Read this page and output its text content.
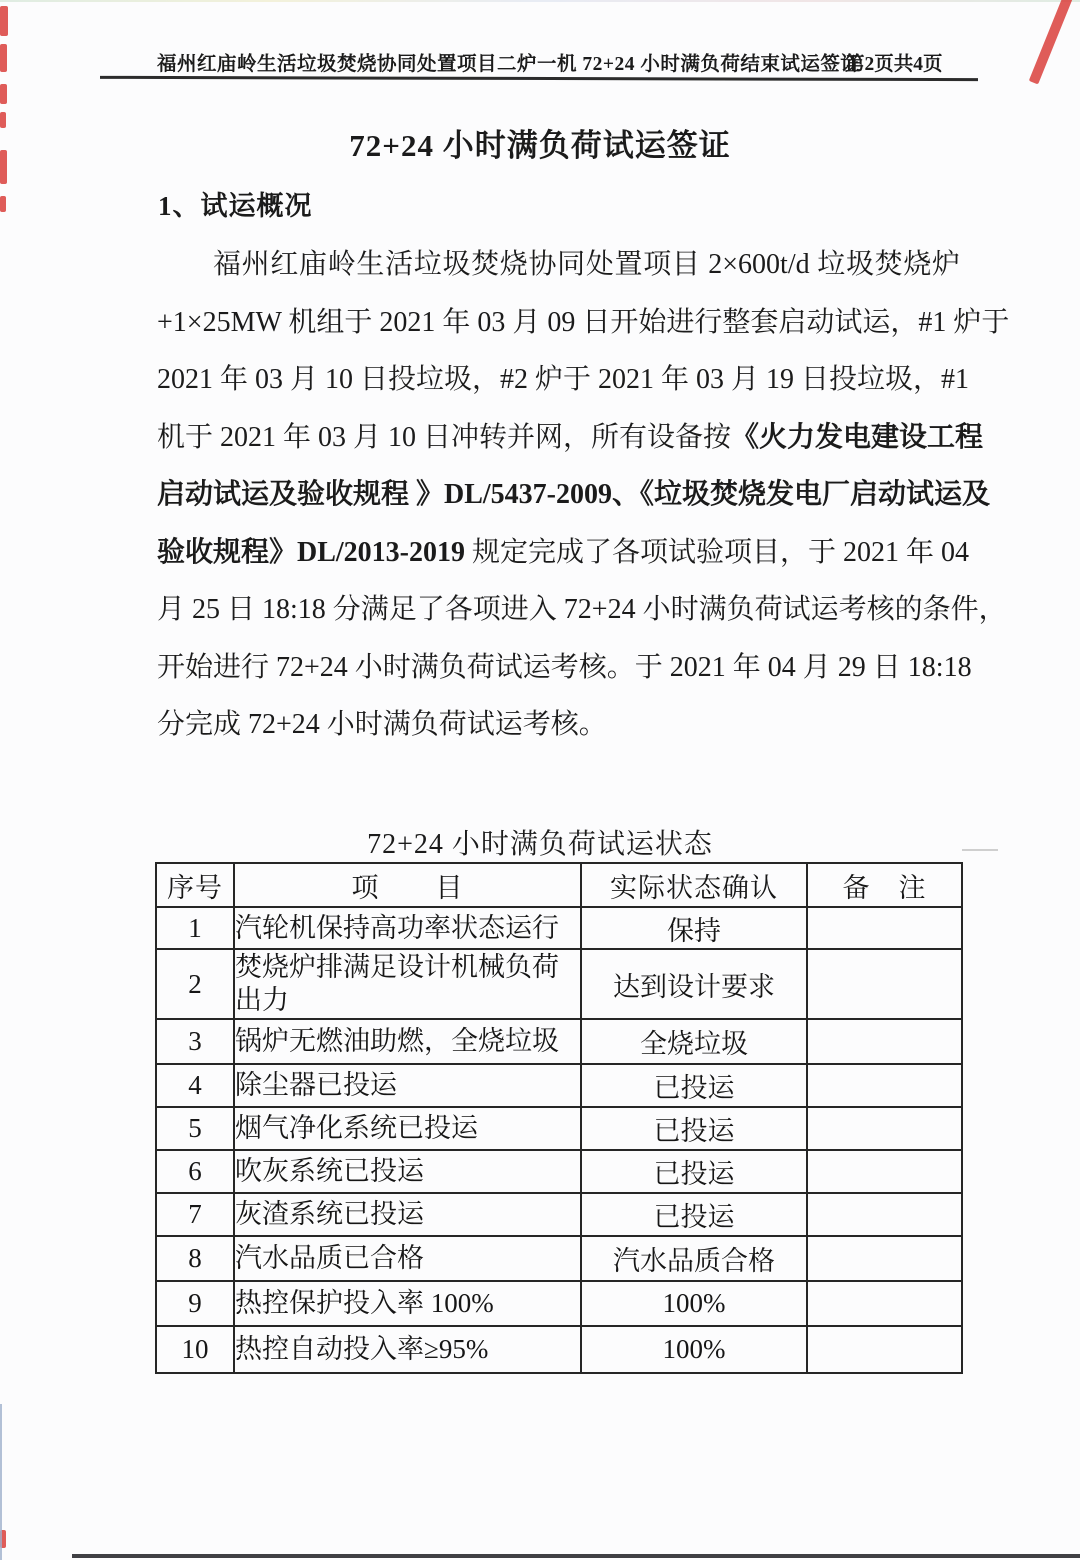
福州红庙岭生活垃圾焚烧协同处置项目二炉一机 72+24 小时满负荷结束试运签证
第2页共4页
72+24 小时满负荷试运签证
1、试运概况
福州红庙岭生活垃圾焚烧协同处置项目 2×600t/d 垃圾焚烧炉
+1×25MW 机组于 2021 年 03 月 09 日开始进行整套启动试运，#1 炉于
2021 年 03 月 10 日投垃圾，#2 炉于 2021 年 03 月 19 日投垃圾，#1
机于 2021 年 03 月 10 日冲转并网，所有设备按《火力发电建设工程
启动试运及验收规程 》DL/5437-2009、《垃圾焚烧发电厂启动试运及
验收规程》DL/2013-2019 规定完成了各项试验项目，于 2021 年 04
月 25 日 18:18 分满足了各项进入 72+24 小时满负荷试运考核的条件，
开始进行 72+24 小时满负荷试运考核。于 2021 年 04 月 29 日 18:18
分完成 72+24 小时满负荷试运考核。
72+24 小时满负荷试运状态
序号	项　　目	实际状态确认	备　注
1	汽轮机保持高功率状态运行	保持	
2	焚烧炉排满足设计机械负荷出力	达到设计要求	
3	锅炉无燃油助燃，全烧垃圾	全烧垃圾	
4	除尘器已投运	已投运	
5	烟气净化系统已投运	已投运	
6	吹灰系统已投运	已投运	
7	灰渣系统已投运	已投运	
8	汽水品质已合格	汽水品质合格	
9	热控保护投入率 100%	100%	
10	热控自动投入率≥95%	100%	
